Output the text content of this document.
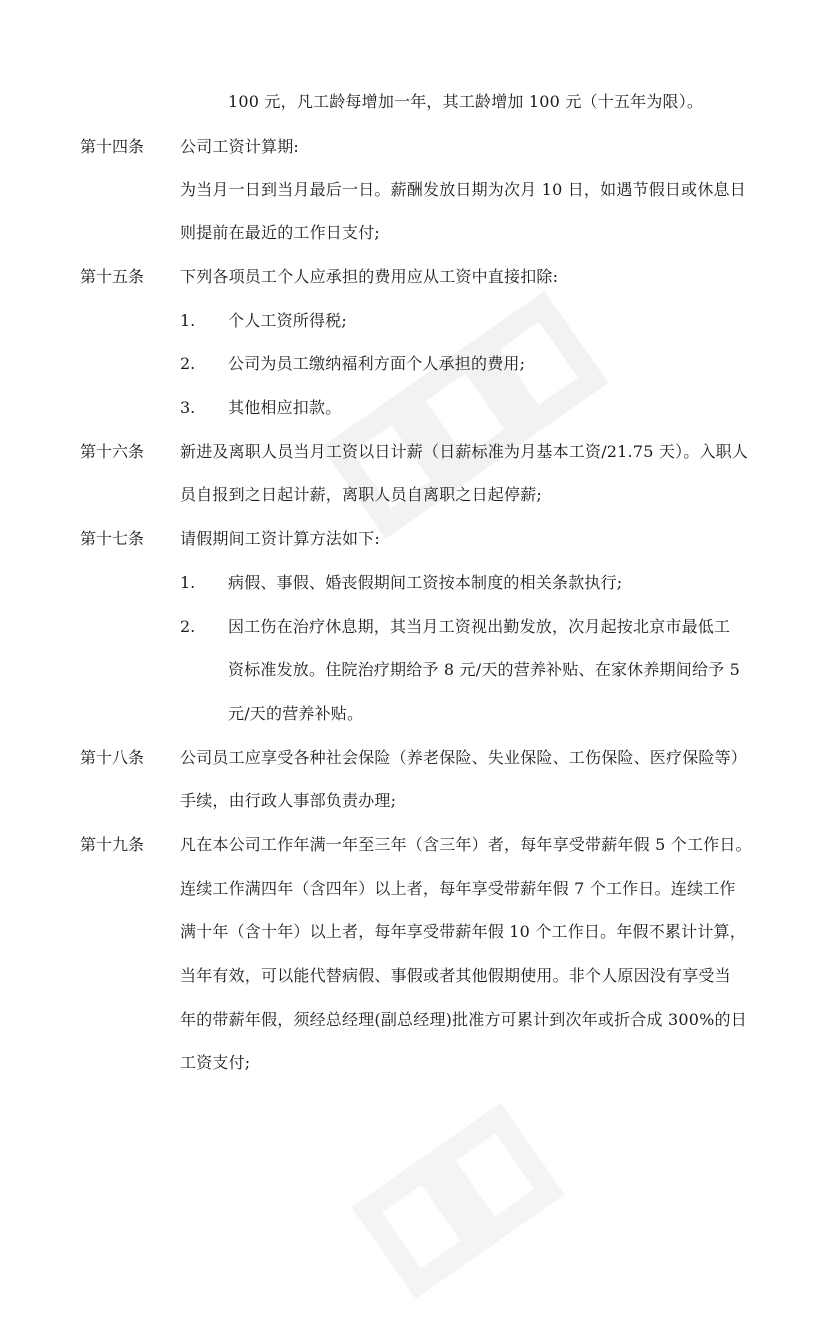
100 元，凡工龄每增加一年，其工龄增加 100 元（十五年为限）。
第十四条 公司工资计算期:
为当月一日到当月最后一日。薪酬发放日期为次月 10 日，如遇节假日或休息日
则提前在最近的工作日支付;
第十五条 下列各项员工个人应承担的费用应从工资中直接扣除:
1. 个人工资所得税;
2. 公司为员工缴纳福利方面个人承担的费用;
3. 其他相应扣款。
第十六条 新进及离职人员当月工资以日计薪（日薪标准为月基本工资/21.75 天）。入职人
员自报到之日起计薪，离职人员自离职之日起停薪;
第十七条 请假期间工资计算方法如下:
1. 病假、事假、婚丧假期间工资按本制度的相关条款执行;
2. 因工伤在治疗休息期，其当月工资视出勤发放，次月起按北京市最低工
资标准发放。住院治疗期给予 8 元/天的营养补贴、在家休养期间给予 5
元/天的营养补贴。
第十八条 公司员工应享受各种社会保险（养老保险、失业保险、工伤保险、医疗保险等）
手续，由行政人事部负责办理;
第十九条 凡在本公司工作年满一年至三年（含三年）者，每年享受带薪年假 5 个工作日。
连续工作满四年（含四年）以上者，每年享受带薪年假 7 个工作日。连续工作
满十年（含十年）以上者，每年享受带薪年假 10 个工作日。年假不累计计算，
当年有效，可以能代替病假、事假或者其他假期使用。非个人原因没有享受当
年的带薪年假，须经总经理(副总经理)批准方可累计到次年或折合成 300%的日
工资支付;
